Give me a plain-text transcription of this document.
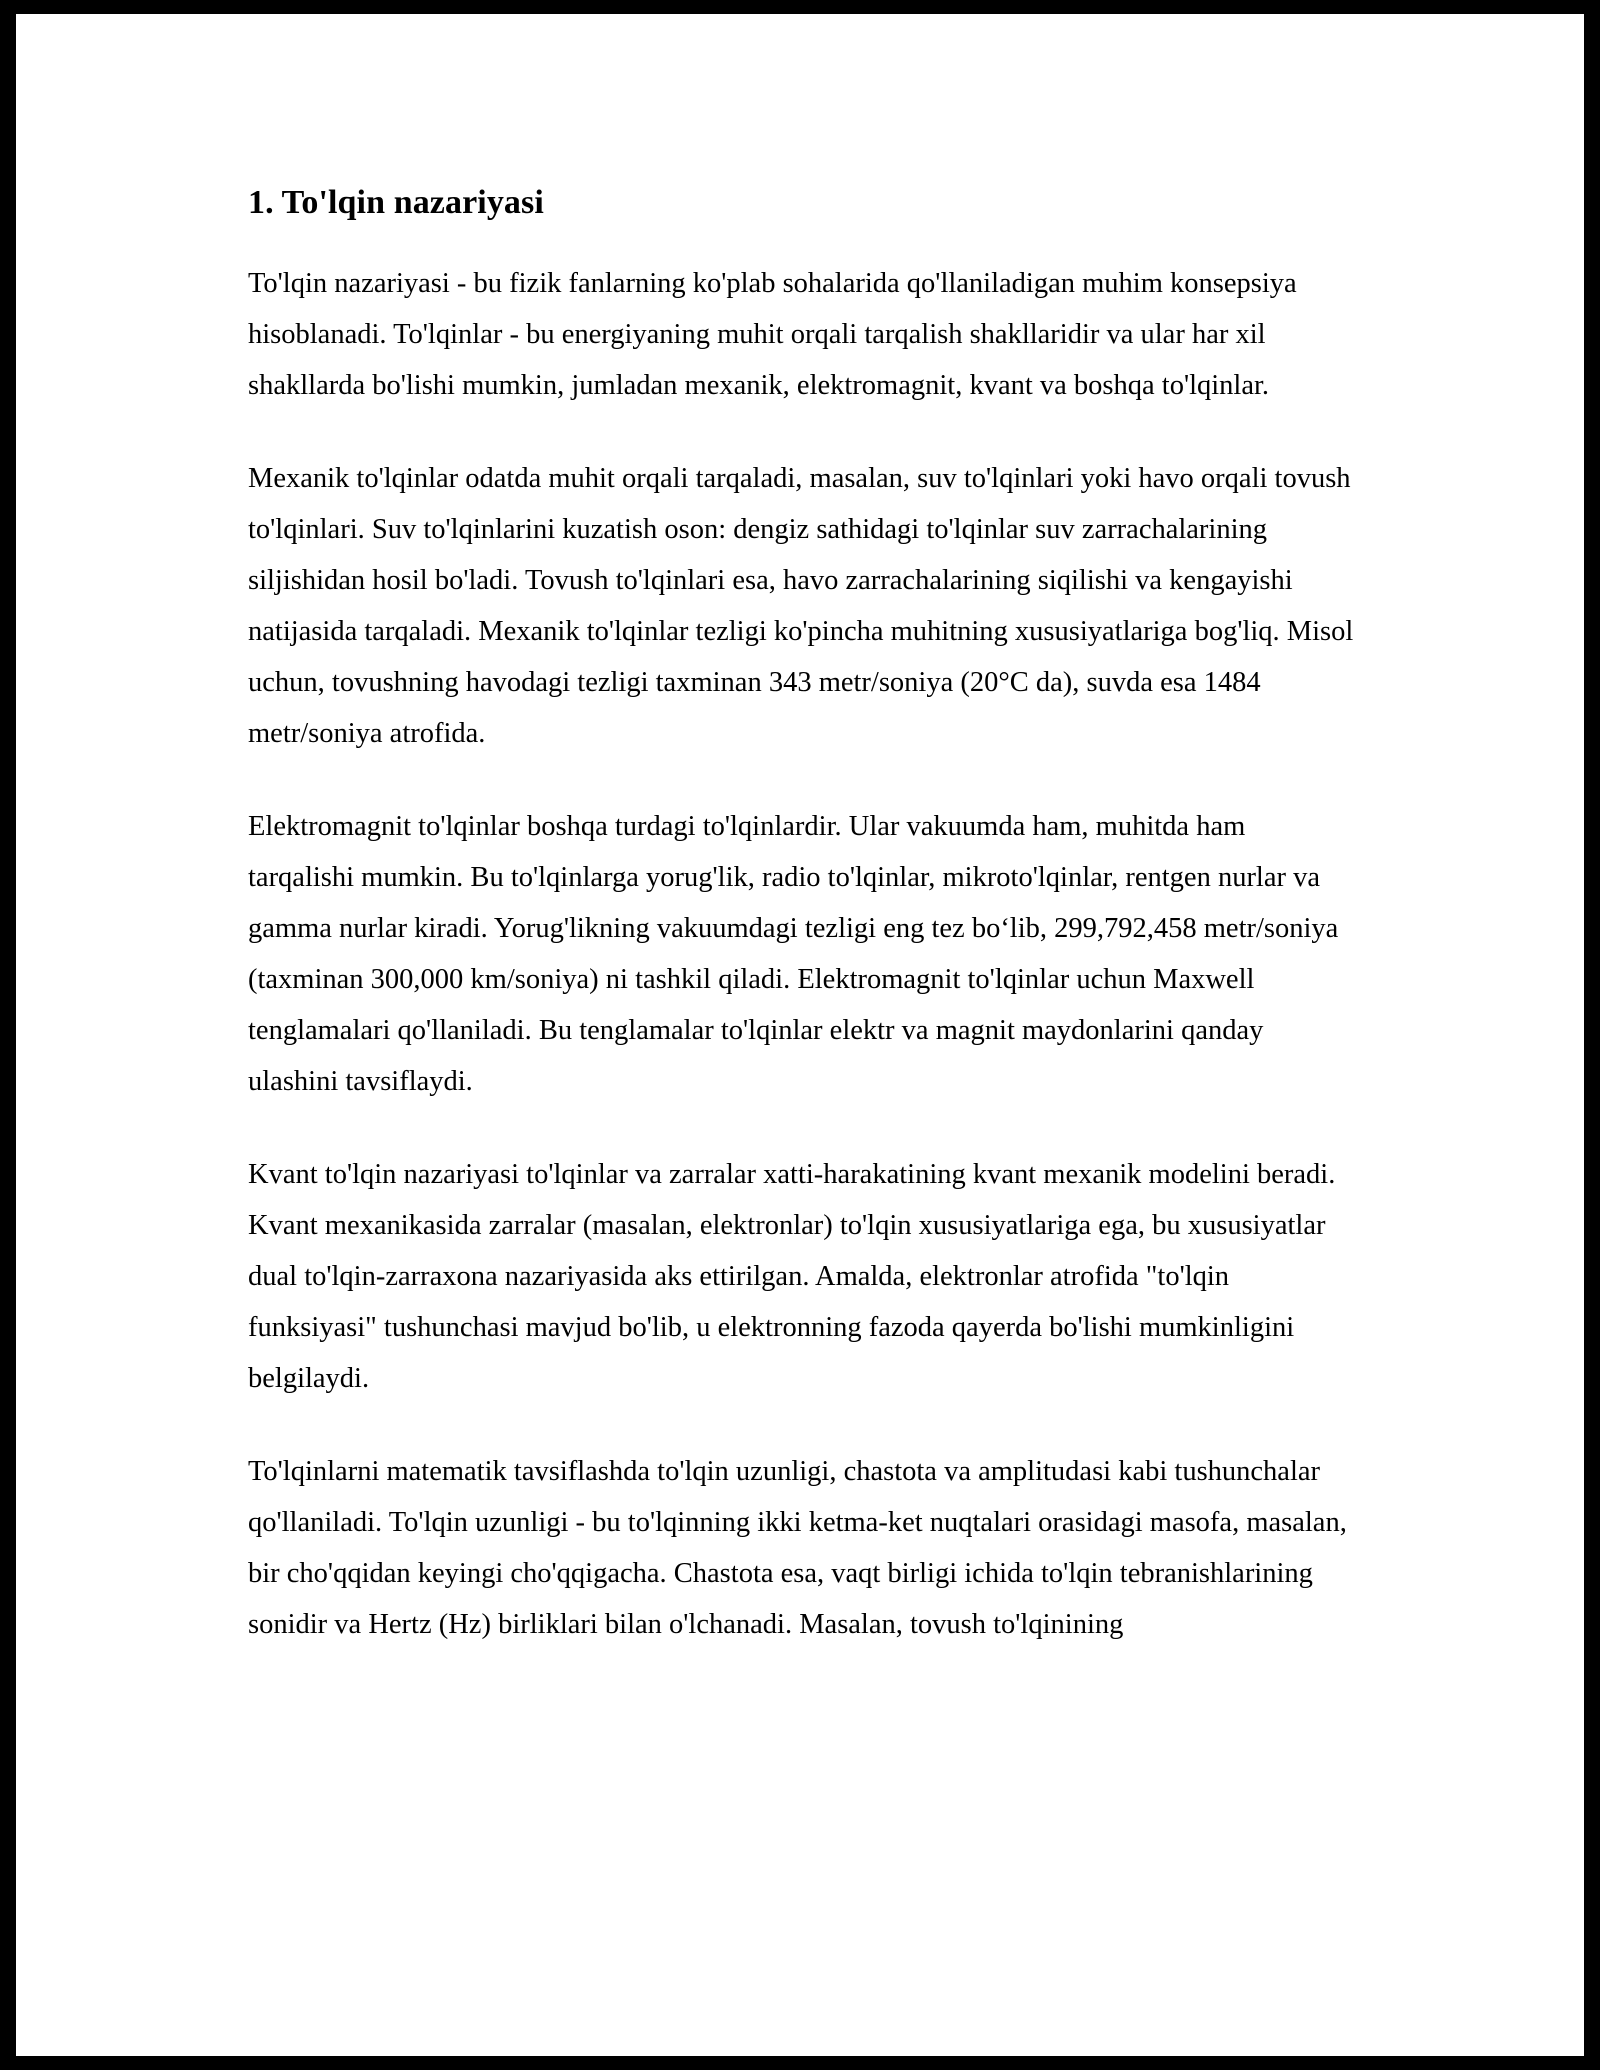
1. To'lqin nazariyasi

To'lqin nazariyasi - bu fizik fanlarning ko'plab sohalarida qo'llaniladigan muhim konsepsiya hisoblanadi. To'lqinlar - bu energiyaning muhit orqali tarqalish shakllaridir va ular har xil shakllarda bo'lishi mumkin, jumladan mexanik, elektromagnit, kvant va boshqa to'lqinlar.

Mexanik to'lqinlar odatda muhit orqali tarqaladi, masalan, suv to'lqinlari yoki havo orqali tovush to'lqinlari. Suv to'lqinlarini kuzatish oson: dengiz sathidagi to'lqinlar suv zarrachalarining siljishidan hosil bo'ladi. Tovush to'lqinlari esa, havo zarrachalarining siqilishi va kengayishi natijasida tarqaladi. Mexanik to'lqinlar tezligi ko'pincha muhitning xususiyatlariga bog'liq. Misol uchun, tovushning havodagi tezligi taxminan 343 metr/soniya (20°C da), suvda esa 1484 metr/soniya atrofida.

Elektromagnit to'lqinlar boshqa turdagi to'lqinlardir. Ular vakuumda ham, muhitda ham tarqalishi mumkin. Bu to'lqinlarga yorug'lik, radio to'lqinlar, mikroto'lqinlar, rentgen nurlar va gamma nurlar kiradi. Yorug'likning vakuumdagi tezligi eng tez bo‘lib, 299,792,458 metr/soniya (taxminan 300,000 km/soniya) ni tashkil qiladi. Elektromagnit to'lqinlar uchun Maxwell tenglamalari qo'llaniladi. Bu tenglamalar to'lqinlar elektr va magnit maydonlarini qanday ulashini tavsiflaydi.

Kvant to'lqin nazariyasi to'lqinlar va zarralar xatti-harakatining kvant mexanik modelini beradi. Kvant mexanikasida zarralar (masalan, elektronlar) to'lqin xususiyatlariga ega, bu xususiyatlar dual to'lqin-zarraxona nazariyasida aks ettirilgan. Amalda, elektronlar atrofida "to'lqin funksiyasi" tushunchasi mavjud bo'lib, u elektronning fazoda qayerda bo'lishi mumkinligini belgilaydi.

To'lqinlarni matematik tavsiflashda to'lqin uzunligi, chastota va amplitudasi kabi tushunchalar qo'llaniladi. To'lqin uzunligi - bu to'lqinning ikki ketma-ket nuqtalari orasidagi masofa, masalan, bir cho'qqidan keyingi cho'qqigacha. Chastota esa, vaqt birligi ichida to'lqin tebranishlarining sonidir va Hertz (Hz) birliklari bilan o'lchanadi. Masalan, tovush to'lqinining
